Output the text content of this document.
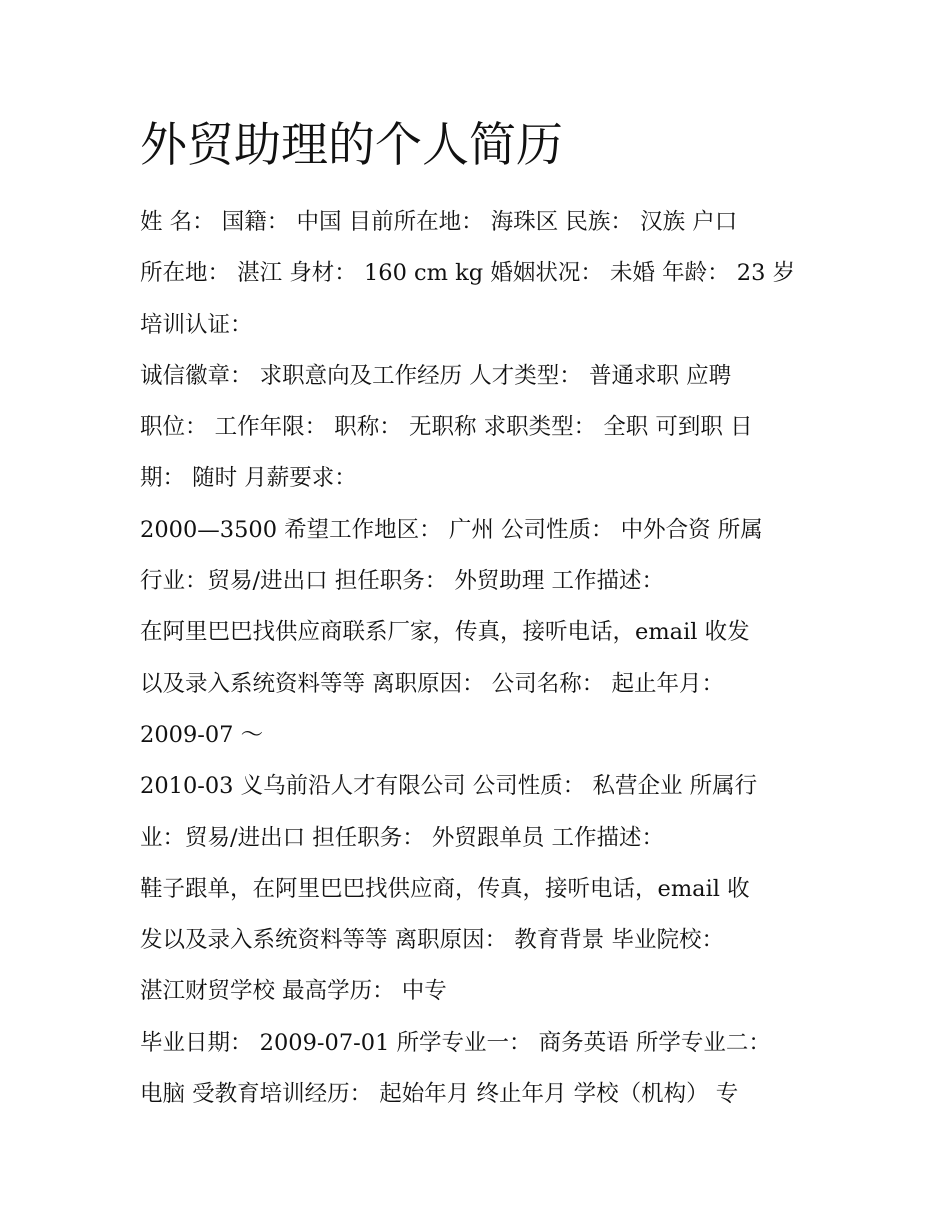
外贸助理的个人简历
姓 名： 国籍： 中国 目前所在地： 海珠区 民族： 汉族 户口
所在地： 湛江 身材： 160 cm kg 婚姻状况： 未婚 年龄： 23 岁
培训认证：
诚信徽章： 求职意向及工作经历 人才类型： 普通求职 应聘
职位： 工作年限： 职称： 无职称 求职类型： 全职 可到职 日
期： 随时 月薪要求：
2000—3500 希望工作地区： 广州 公司性质： 中外合资 所属
行业：贸易/进出口 担任职务： 外贸助理 工作描述：
在阿里巴巴找供应商联系厂家，传真，接听电话，email 收发
以及录入系统资料等等 离职原因： 公司名称： 起止年月：
2009-07 ～
2010-03 义乌前沿人才有限公司 公司性质： 私营企业 所属行
业：贸易/进出口 担任职务： 外贸跟单员 工作描述：
鞋子跟单，在阿里巴巴找供应商，传真，接听电话，email 收
发以及录入系统资料等等 离职原因： 教育背景 毕业院校：
湛江财贸学校 最高学历： 中专
毕业日期： 2009-07-01 所学专业一： 商务英语 所学专业二：
电脑 受教育培训经历： 起始年月 终止年月 学校（机构） 专
